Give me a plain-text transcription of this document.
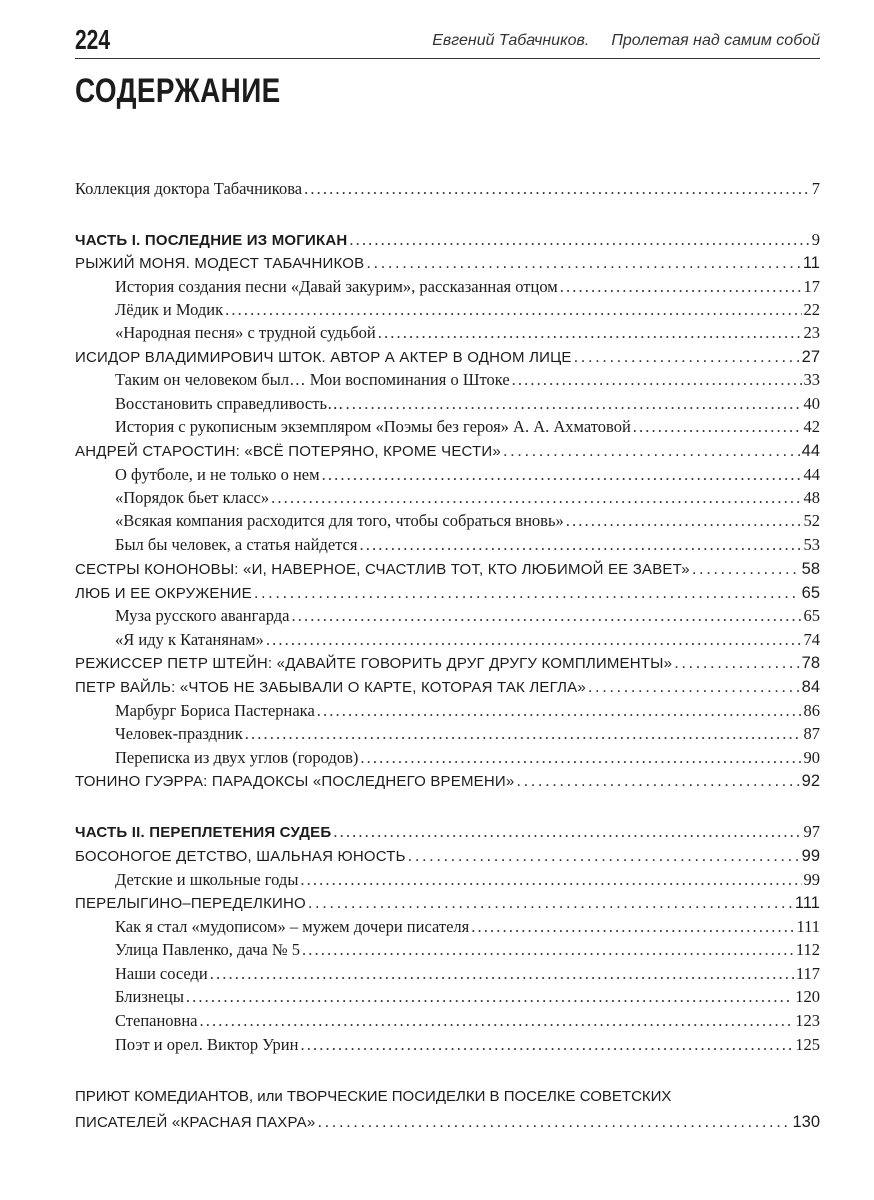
224	Евгений Табачников. Пролетая над самим собой
СОДЕРЖАНИЕ
Коллекция доктора Табачникова . . .	7
ЧАСТЬ I. ПОСЛЕДНИЕ ИЗ МОГИКАН . . .	9
РЫЖИЙ МОНЯ. МОДЕСТ ТАБАЧНИКОВ . . .	11
История создания песни «Давай закурим», рассказанная отцом . . .	17
Лёдик и Модик . . .	22
«Народная песня» с трудной судьбой . . .	23
ИСИДОР ВЛАДИМИРОВИЧ ШТОК. АВТОР А АКТЕР В ОДНОМ ЛИЦЕ . . .	27
Таким он человеком был… Мои воспоминания о Штоке . . .	33
Восстановить справедливость… . . .	40
История с рукописным экземпляром «Поэмы без героя» А. А. Ахматовой . . .	42
АНДРЕЙ СТАРОСТИН: «ВСЁ ПОТЕРЯНО, КРОМЕ ЧЕСТИ» . . .	44
О футболе, и не только о нем . . .	44
«Порядок бьет класс» . . .	48
«Всякая компания расходится для того, чтобы собраться вновь» . . .	52
Был бы человек, а статья найдется . . .	53
СЕСТРЫ КОНОНОВЫ: «И, НАВЕРНОЕ, СЧАСТЛИВ ТОТ, КТО ЛЮБИМОЙ ЕЕ ЗАВЕТ» . . .	58
ЛЮБ И ЕЕ ОКРУЖЕНИЕ . . .	65
Муза русского авангарда . . .	65
«Я иду к Катанянам» . . .	74
РЕЖИССЕР ПЕТР ШТЕЙН: «ДАВАЙТЕ ГОВОРИТЬ ДРУГ ДРУГУ КОМПЛИМЕНТЫ» . . .	78
ПЕТР ВАЙЛЬ: «ЧТОБ НЕ ЗАБЫВАЛИ О КАРТЕ, КОТОРАЯ ТАК ЛЕГЛА» . . .	84
Марбург Бориса Пастернака . . .	86
Человек-праздник . . .	87
Переписка из двух углов (городов) . . .	90
ТОНИНО ГУЭРРА: ПАРАДОКСЫ «ПОСЛЕДНЕГО ВРЕМЕНИ» . . .	92
ЧАСТЬ II. ПЕРЕПЛЕТЕНИЯ СУДЕБ . . .	97
БОСОНОГОЕ ДЕТСТВО, ШАЛЬНАЯ ЮНОСТЬ . . .	99
Детские и школьные годы . . .	99
ПЕРЕЛЫГИНО–ПЕРЕДЕЛКИНО . . .	111
Как я стал «мудописом» – мужем дочери писателя . . .	111
Улица Павленко, дача № 5 . . .	112
Наши соседи . . .	117
Близнецы . . .	120
Степановна . . .	123
Поэт и орел. Виктор Урин . . .	125
ПРИЮТ КОМЕДИАНТОВ, или ТВОРЧЕСКИЕ ПОСИДЕЛКИ В ПОСЕЛКЕ СОВЕТСКИХ
ПИСАТЕЛЕЙ «КРАСНАЯ ПАХРА» . . .	130
